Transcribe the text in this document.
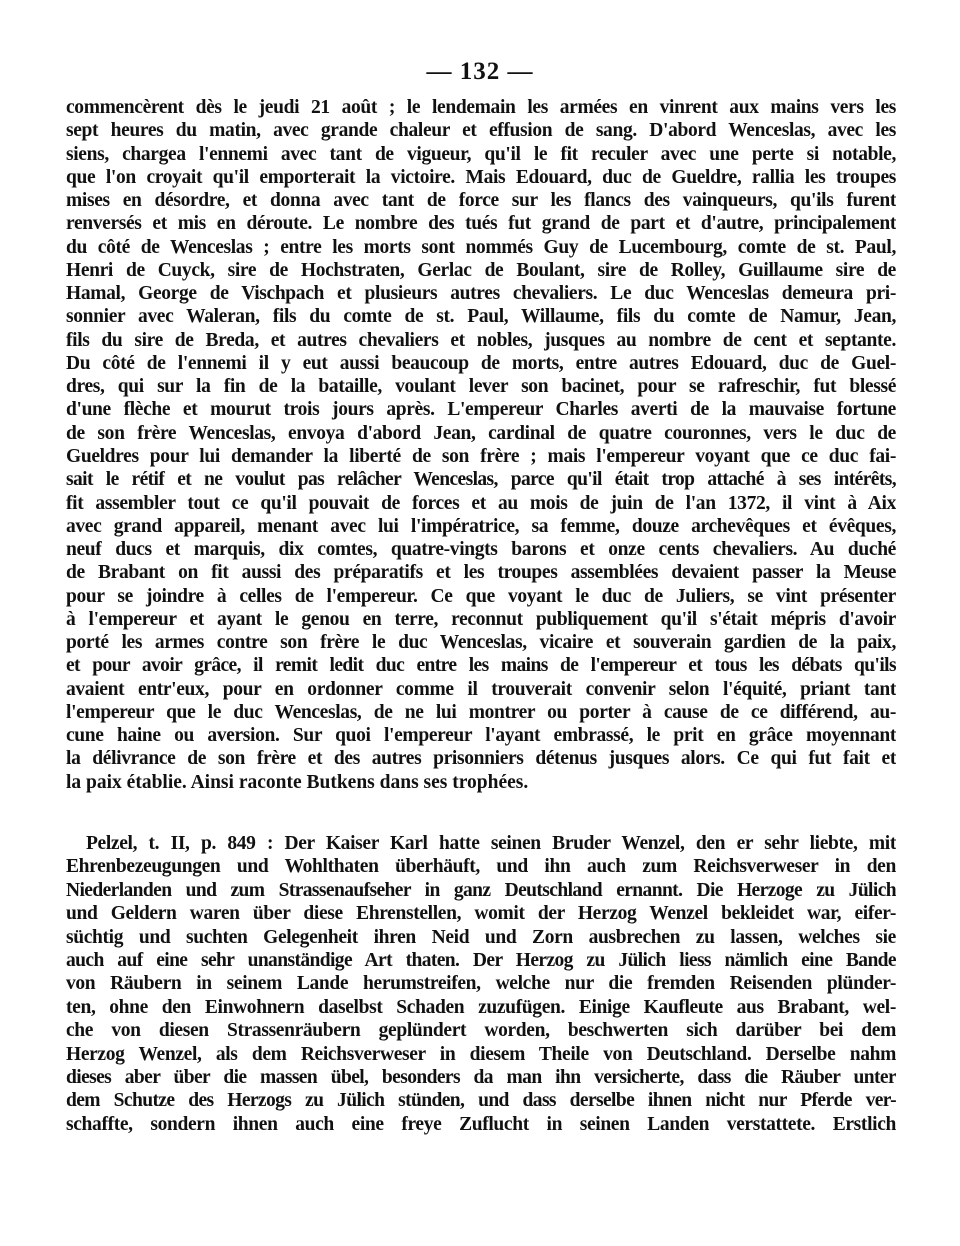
— 132 —
commencèrent dès le jeudi 21 août ; le lendemain les armées en vinrent aux mains vers les
sept heures du matin, avec grande chaleur et effusion de sang. D'abord Wenceslas, avec les
siens, chargea l'ennemi avec tant de vigueur, qu'il le fit reculer avec une perte si notable,
que l'on croyait qu'il emporterait la victoire. Mais Edouard, duc de Gueldre, rallia les troupes
mises en désordre, et donna avec tant de force sur les flancs des vainqueurs, qu'ils furent
renversés et mis en déroute. Le nombre des tués fut grand de part et d'autre, principalement
du côté de Wenceslas ; entre les morts sont nommés Guy de Lucembourg, comte de st. Paul,
Henri de Cuyck, sire de Hochstraten, Gerlac de Boulant, sire de Rolley, Guillaume sire de
Hamal, George de Vischpach et plusieurs autres chevaliers. Le duc Wenceslas demeura pri-
sonnier avec Waleran, fils du comte de st. Paul, Willaume, fils du comte de Namur, Jean,
fils du sire de Breda, et autres chevaliers et nobles, jusques au nombre de cent et septante.
Du côté de l'ennemi il y eut aussi beaucoup de morts, entre autres Edouard, duc de Guel-
dres, qui sur la fin de la bataille, voulant lever son bacinet, pour se rafreschir, fut blessé
d'une flèche et mourut trois jours après. L'empereur Charles averti de la mauvaise fortune
de son frère Wenceslas, envoya d'abord Jean, cardinal de quatre couronnes, vers le duc de
Gueldres pour lui demander la liberté de son frère ; mais l'empereur voyant que ce duc fai-
sait le rétif et ne voulut pas relâcher Wenceslas, parce qu'il était trop attaché à ses intérêts,
fit assembler tout ce qu'il pouvait de forces et au mois de juin de l'an 1372, il vint à Aix
avec grand appareil, menant avec lui l'impératrice, sa femme, douze archevêques et évêques,
neuf ducs et marquis, dix comtes, quatre-vingts barons et onze cents chevaliers. Au duché
de Brabant on fit aussi des préparatifs et les troupes assemblées devaient passer la Meuse
pour se joindre à celles de l'empereur. Ce que voyant le duc de Juliers, se vint présenter
à l'empereur et ayant le genou en terre, reconnut publiquement qu'il s'était mépris d'avoir
porté les armes contre son frère le duc Wenceslas, vicaire et souverain gardien de la paix,
et pour avoir grâce, il remit ledit duc entre les mains de l'empereur et tous les débats qu'ils
avaient entr'eux, pour en ordonner comme il trouverait convenir selon l'équité, priant tant
l'empereur que le duc Wenceslas, de ne lui montrer ou porter à cause de ce différend, au-
cune haine ou aversion. Sur quoi l'empereur l'ayant embrassé, le prit en grâce moyennant
la délivrance de son frère et des autres prisonniers détenus jusques alors. Ce qui fut fait et
la paix établie. Ainsi raconte Butkens dans ses trophées.
Pelzel, t. II, p. 849 : Der Kaiser Karl hatte seinen Bruder Wenzel, den er sehr liebte, mit
Ehrenbezeugungen und Wohlthaten überhäuft, und ihn auch zum Reichsverweser in den
Niederlanden und zum Strassenaufseher in ganz Deutschland ernannt. Die Herzoge zu Jülich
und Geldern waren über diese Ehrenstellen, womit der Herzog Wenzel bekleidet war, eifer-
süchtig und suchten Gelegenheit ihren Neid und Zorn ausbrechen zu lassen, welches sie
auch auf eine sehr unanständige Art thaten. Der Herzog zu Jülich liess nämlich eine Bande
von Räubern in seinem Lande herumstreifen, welche nur die fremden Reisenden plünder-
ten, ohne den Einwohnern daselbst Schaden zuzufügen. Einige Kaufleute aus Brabant, wel-
che von diesen Strassenräubern geplündert worden, beschwerten sich darüber bei dem
Herzog Wenzel, als dem Reichsverweser in diesem Theile von Deutschland. Derselbe nahm
dieses aber über die massen übel, besonders da man ihn versicherte, dass die Räuber unter
dem Schutze des Herzogs zu Jülich stünden, und dass derselbe ihnen nicht nur Pferde ver-
schaffte, sondern ihnen auch eine freye Zuflucht in seinen Landen verstattete. Erstlich
